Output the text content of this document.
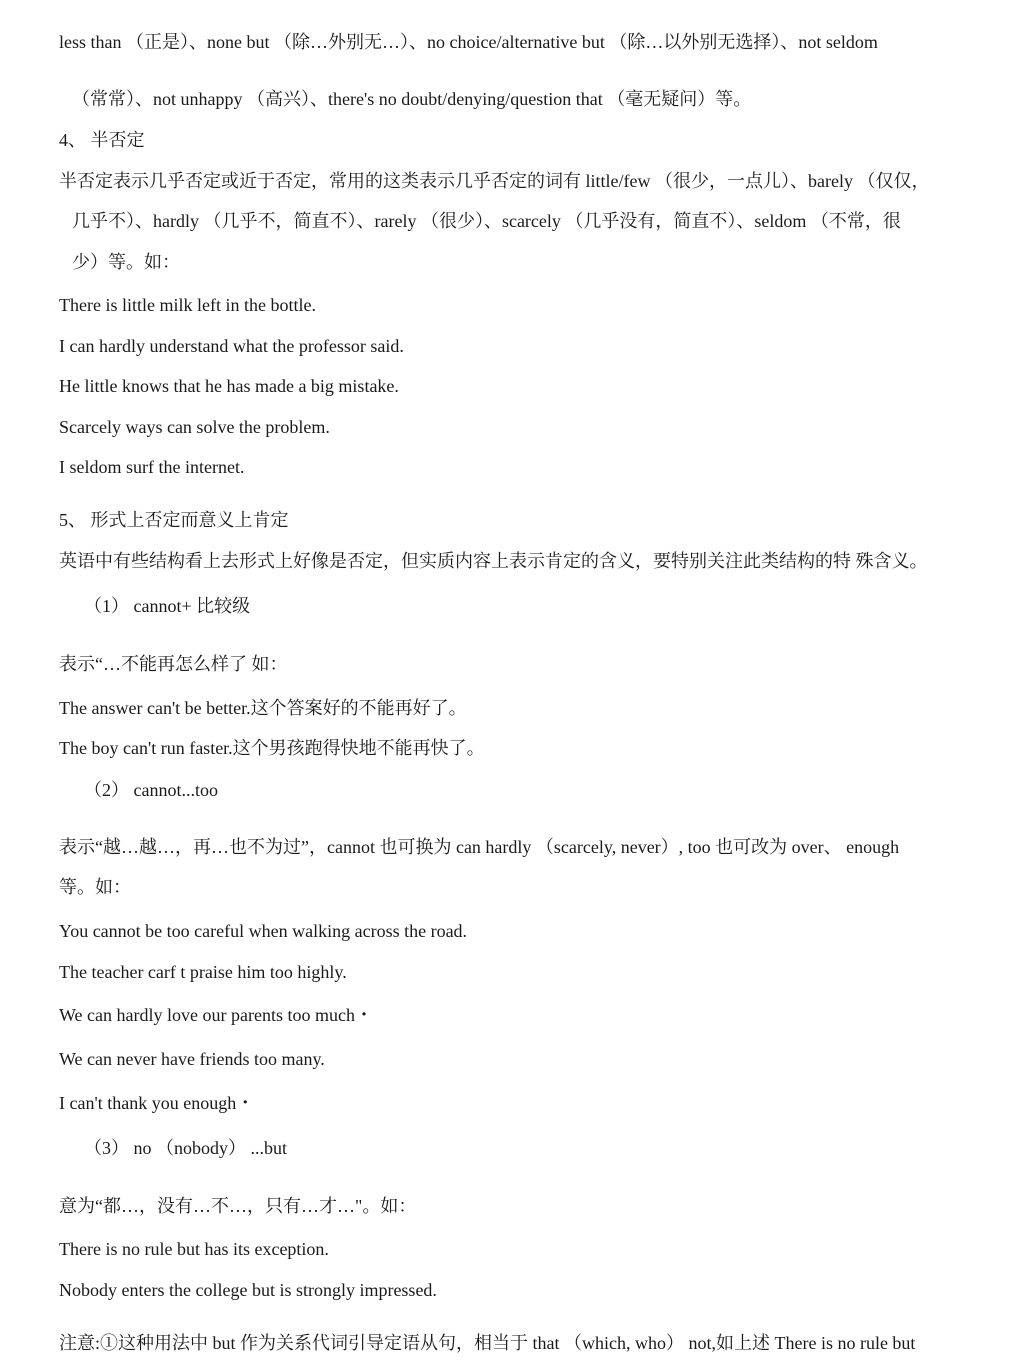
less than （正是）、none but （除…外别无…）、no choice/alternative but （除…以外别无选择）、not seldom
（常常）、not unhappy （高兴）、there's no doubt/denying/question that （毫无疑问）等。
4、 半否定
半否定表示几乎否定或近于否定，常用的这类表示几乎否定的词有 little/few （很少，一点儿）、barely （仅仅，
几乎不）、hardly （几乎不，简直不）、rarely （很少）、scarcely （几乎没有，简直不）、seldom （不常，很
少）等。如：
There is little milk left in the bottle.
I can hardly understand what the professor said.
He little knows that he has made a big mistake.
Scarcely ways can solve the problem.
I seldom surf the internet.
5、 形式上否定而意义上肯定
英语中有些结构看上去形式上好像是否定，但实质内容上表示肯定的含义，要特别关注此类结构的特 殊含义。
（1） cannot+ 比较级
表示“…不能再怎么样了 如：
The answer can't be better.这个答案好的不能再好了。
The boy can't run faster.这个男孩跑得快地不能再快了。
（2） cannot...too
表示“越…越…，再…也不为过”，cannot 也可换为 can hardly （scarcely, never）, too 也可改为 over、 enough
等。如：
You cannot be too careful when walking across the road.
The teacher carf t praise him too highly.
We can hardly love our parents too much・
We can never have friends too many.
I can't thank you enough・
（3） no （nobody） ...but
意为“都…，没有…不…，只有…才…"。如：
There is no rule but has its exception.
Nobody enters the college but is strongly impressed.
注意:①这种用法中 but 作为关系代词引导定语从句，相当于 that （which, who） not,如上述 There is no rule but
